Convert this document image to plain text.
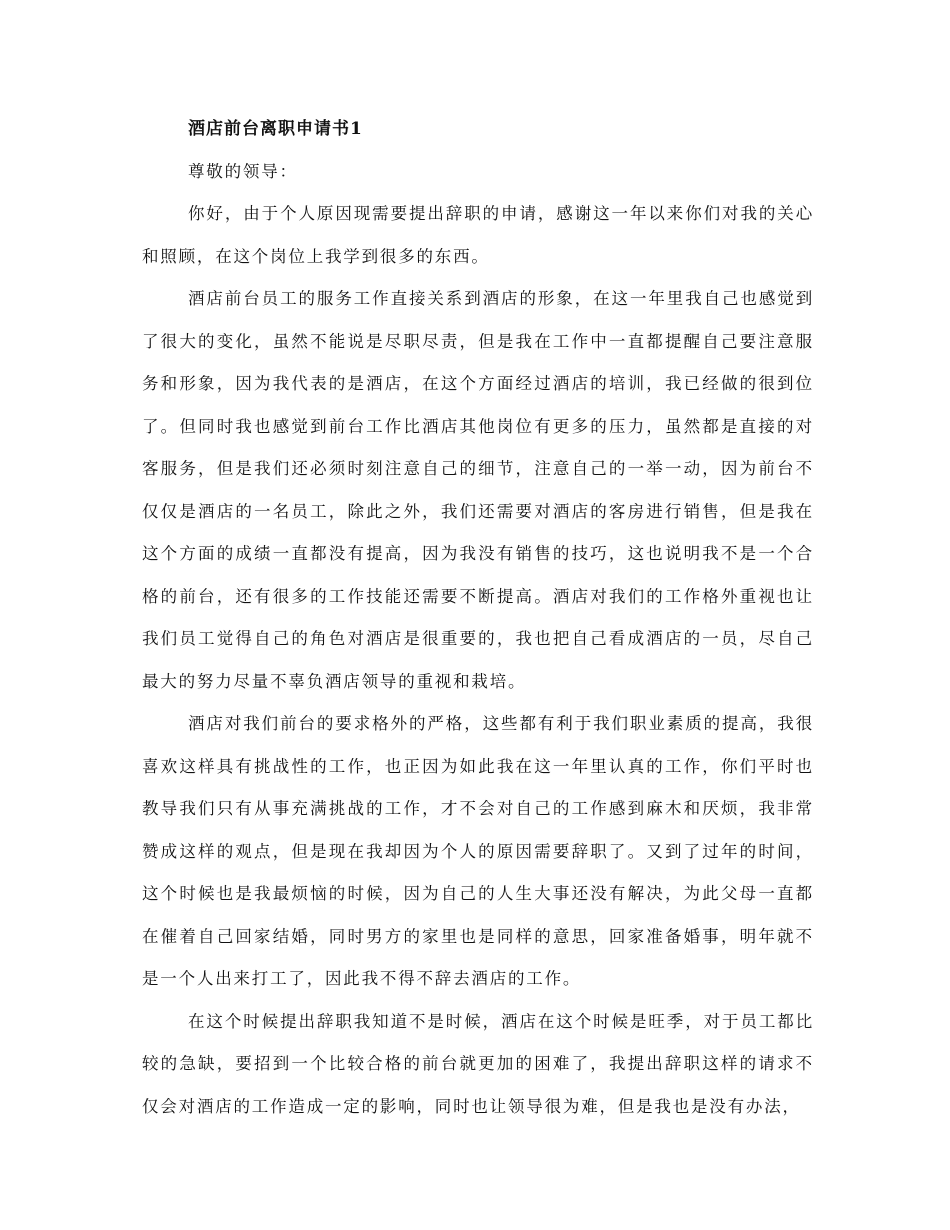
酒店前台离职申请书1

尊敬的领导：

你好，由于个人原因现需要提出辞职的申请，感谢这一年以来你们对我的关心和照顾，在这个岗位上我学到很多的东西。

酒店前台员工的服务工作直接关系到酒店的形象，在这一年里我自己也感觉到了很大的变化，虽然不能说是尽职尽责，但是我在工作中一直都提醒自己要注意服务和形象，因为我代表的是酒店，在这个方面经过酒店的培训，我已经做的很到位了。但同时我也感觉到前台工作比酒店其他岗位有更多的压力，虽然都是直接的对客服务，但是我们还必须时刻注意自己的细节，注意自己的一举一动，因为前台不仅仅是酒店的一名员工，除此之外，我们还需要对酒店的客房进行销售，但是我在这个方面的成绩一直都没有提高，因为我没有销售的技巧，这也说明我不是一个合格的前台，还有很多的工作技能还需要不断提高。酒店对我们的工作格外重视也让我们员工觉得自己的角色对酒店是很重要的，我也把自己看成酒店的一员，尽自己最大的努力尽量不辜负酒店领导的重视和栽培。

酒店对我们前台的要求格外的严格，这些都有利于我们职业素质的提高，我很喜欢这样具有挑战性的工作，也正因为如此我在这一年里认真的工作，你们平时也教导我们只有从事充满挑战的工作，才不会对自己的工作感到麻木和厌烦，我非常赞成这样的观点，但是现在我却因为个人的原因需要辞职了。又到了过年的时间，这个时候也是我最烦恼的时候，因为自己的人生大事还没有解决，为此父母一直都在催着自己回家结婚，同时男方的家里也是同样的意思，回家准备婚事，明年就不是一个人出来打工了，因此我不得不辞去酒店的工作。

在这个时候提出辞职我知道不是时候，酒店在这个时候是旺季，对于员工都比较的急缺，要招到一个比较合格的前台就更加的困难了，我提出辞职这样的请求不仅会对酒店的工作造成一定的影响，同时也让领导很为难，但是我也是没有办法，
